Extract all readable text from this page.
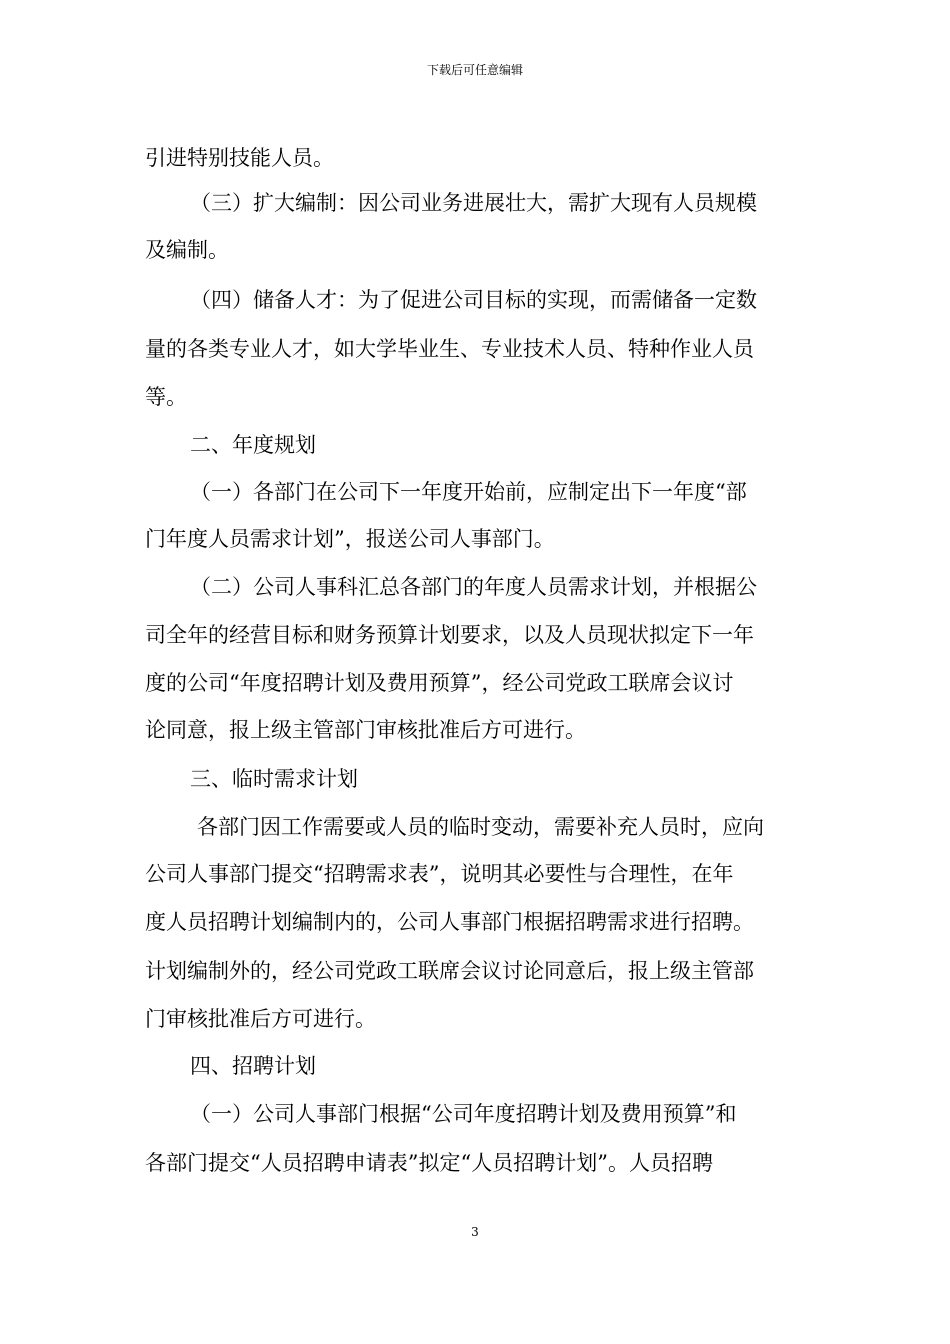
下载后可任意编辑
引进特别技能人员。
（三）扩大编制：因公司业务进展壮大，需扩大现有人员规模
及编制。
（四）储备人才：为了促进公司目标的实现，而需储备一定数
量的各类专业人才，如大学毕业生、专业技术人员、特种作业人员
等。
二、年度规划
（一）各部门在公司下一年度开始前，应制定出下一年度“部
门年度人员需求计划”，报送公司人事部门。
（二）公司人事科汇总各部门的年度人员需求计划，并根据公
司全年的经营目标和财务预算计划要求，以及人员现状拟定下一年
度的公司“年度招聘计划及费用预算”，经公司党政工联席会议讨
论同意，报上级主管部门审核批准后方可进行。
三、临时需求计划
各部门因工作需要或人员的临时变动，需要补充人员时，应向
公司人事部门提交“招聘需求表”，说明其必要性与合理性，在年
度人员招聘计划编制内的，公司人事部门根据招聘需求进行招聘。
计划编制外的，经公司党政工联席会议讨论同意后，报上级主管部
门审核批准后方可进行。
四、招聘计划
（一）公司人事部门根据“公司年度招聘计划及费用预算”和
各部门提交“人员招聘申请表”拟定“人员招聘计划”。人员招聘
3
